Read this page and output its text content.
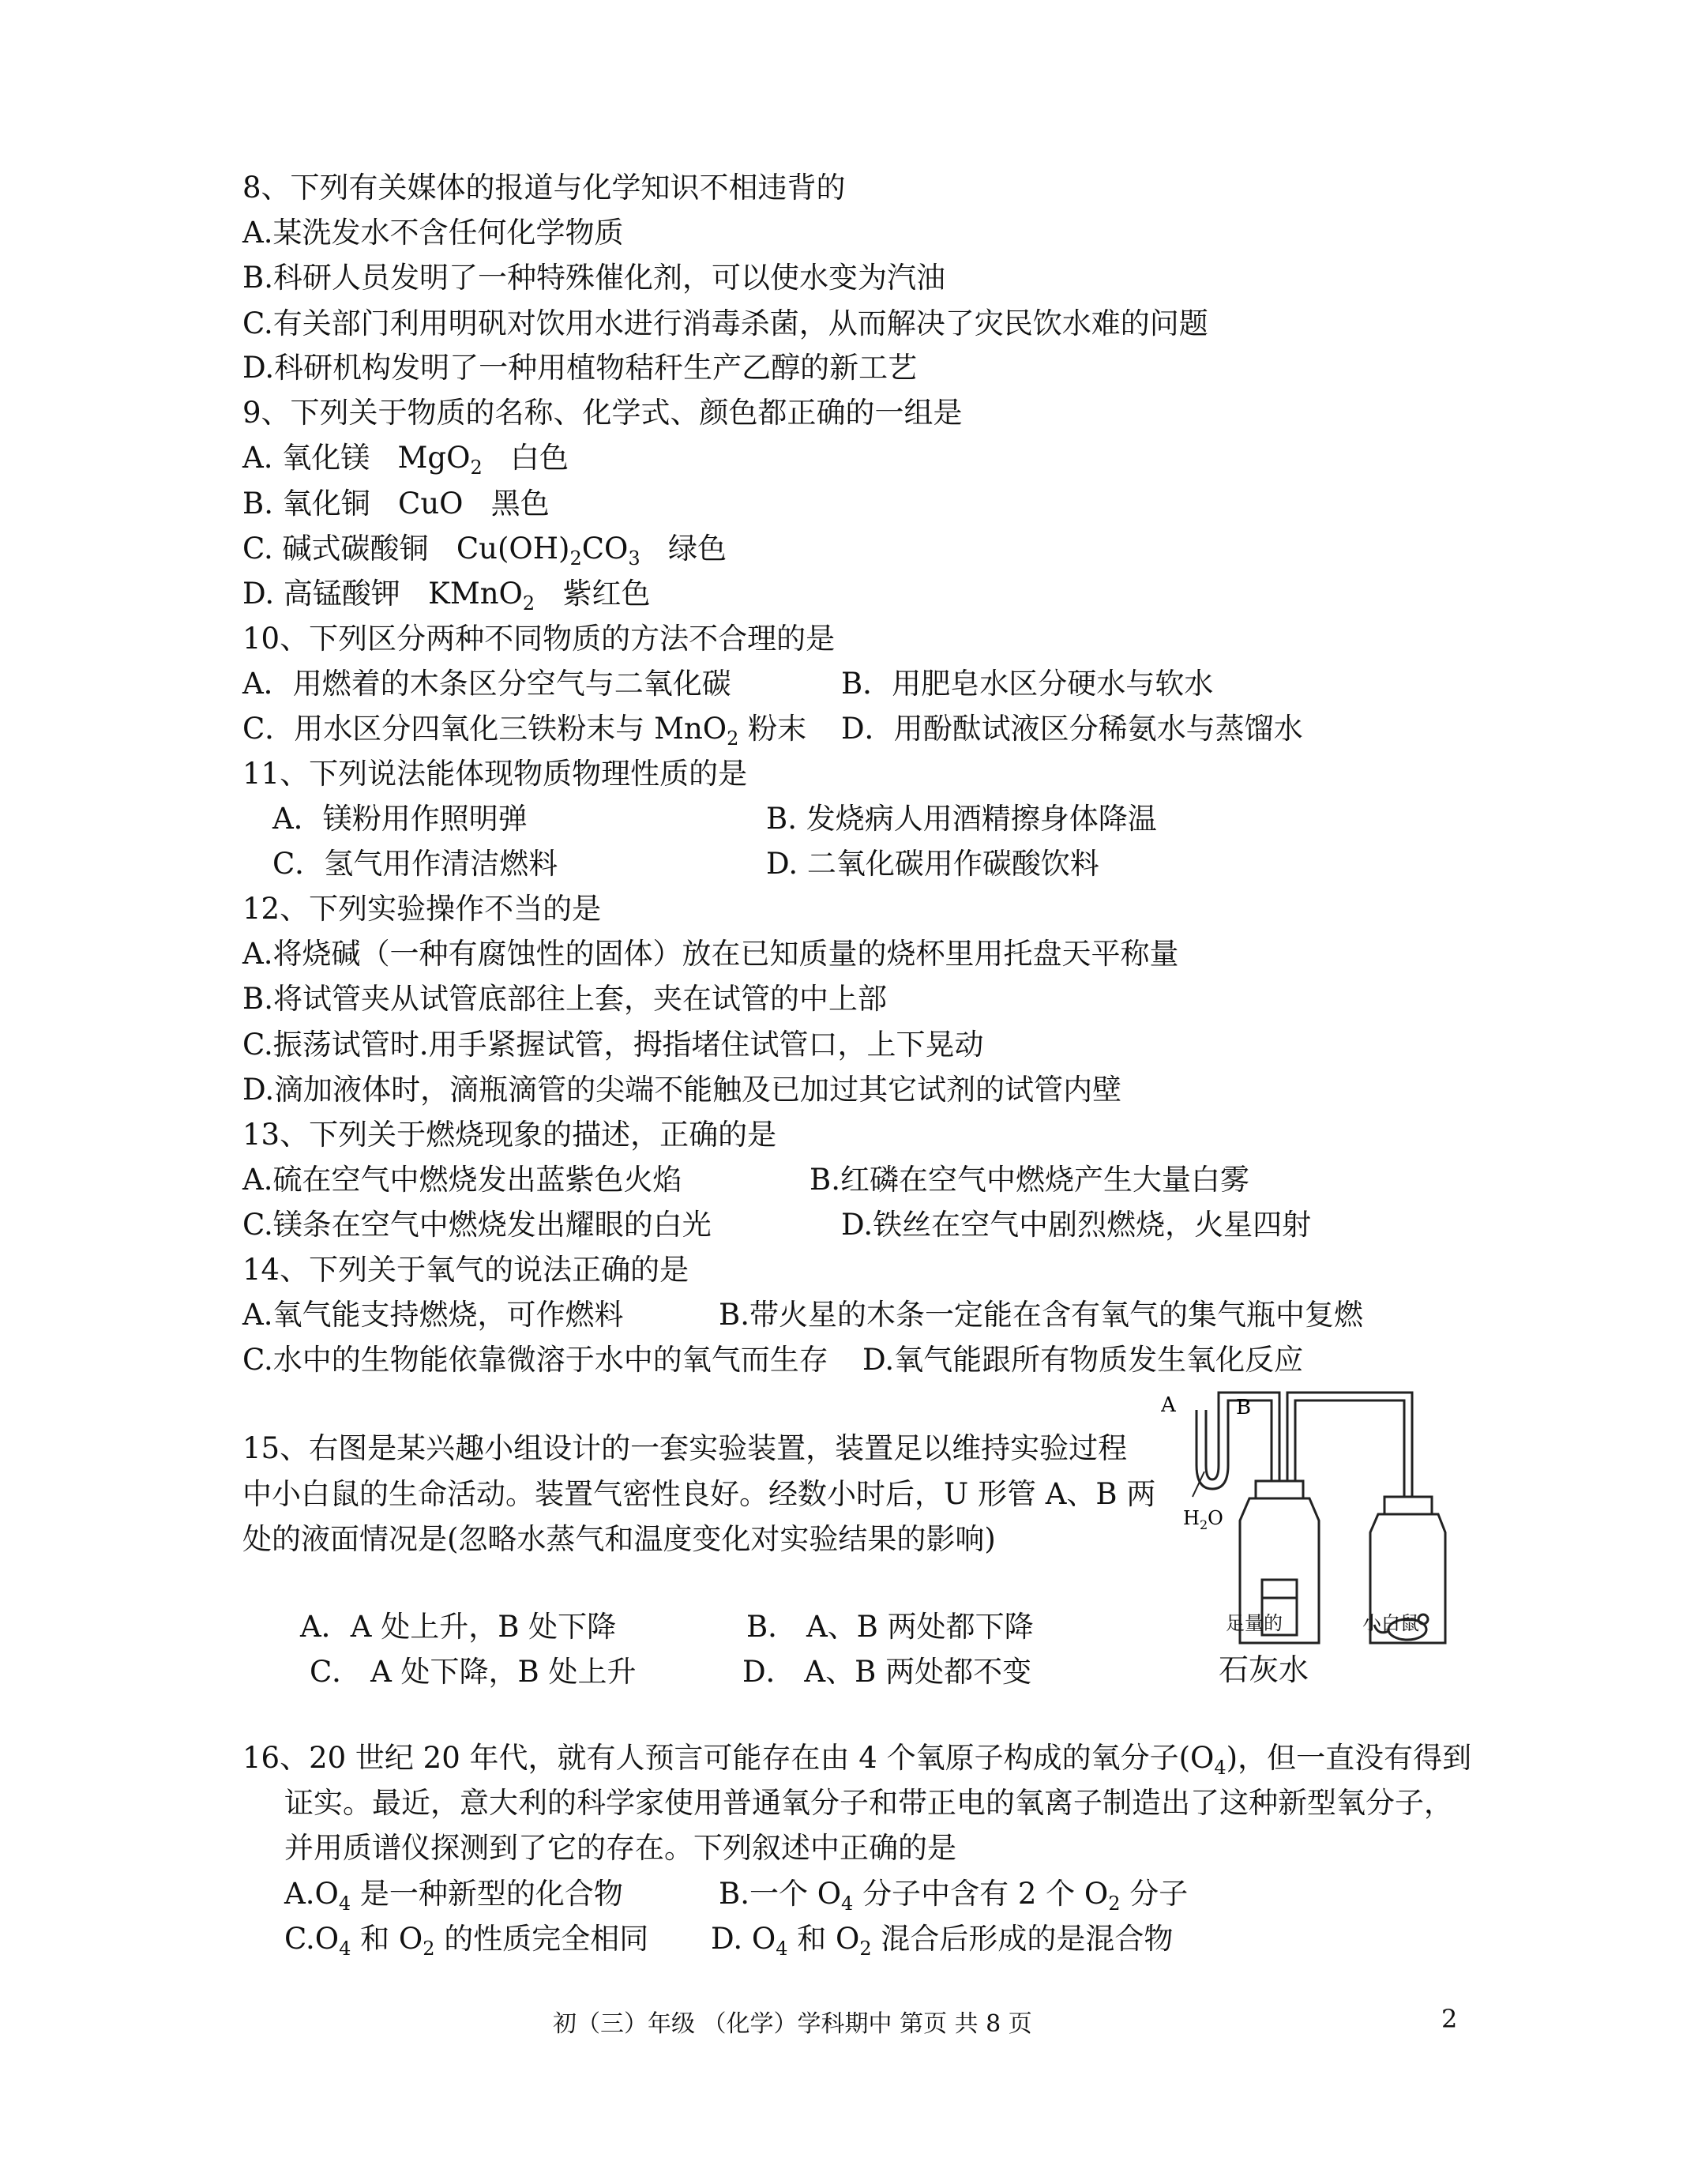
8、下列有关媒体的报道与化学知识不相违背的
A.某洗发水不含任何化学物质
B.科研人员发明了一种特殊催化剂，可以使水变为汽油
C.有关部门利用明矾对饮用水进行消毒杀菌，从而解决了灾民饮水难的问题
D.科研机构发明了一种用植物秸秆生产乙醇的新工艺
9、下列关于物质的名称、化学式、颜色都正确的一组是
A. 氧化镁 MgO$_2$ 白色
B. 氧化铜 CuO 黑色
C. 碱式碳酸铜 $Cu(OH)_2CO_3$ 绿色
D. 高锰酸钾 KMnO$_2$ 紫红色
10、下列区分两种不同物质的方法不合理的是
A．用燃着的木条区分空气与二氧化碳	B．用肥皂水区分硬水与软水
C．用水区分四氧化三铁粉末与 MnO$_2$ 粉末 D．用酚酞试液区分稀氨水与蒸馏水
11、下列说法能体现物质物理性质的是
A．镁粉用作照明弹	B. 发烧病人用酒精擦身体降温
C．氢气用作清洁燃料	D. 二氧化碳用作碳酸饮料
12、下列实验操作不当的是
A.将烧碱（一种有腐蚀性的固体）放在已知质量的烧杯里用托盘天平称量
B.将试管夹从试管底部往上套，夹在试管的中上部
C.振荡试管时.用手紧握试管，拇指堵住试管口，上下晃动
D.滴加液体时，滴瓶滴管的尖端不能触及已加过其它试剂的试管内壁
13、下列关于燃烧现象的描述，正确的是
A.硫在空气中燃烧发出蓝紫色火焰	B.红磷在空气中燃烧产生大量白雾
C.镁条在空气中燃烧发出耀眼的白光	D.铁丝在空气中剧烈燃烧，火星四射
14、下列关于氧气的说法正确的是
A.氧气能支持燃烧，可作燃料	B.带火星的木条一定能在含有氧气的集气瓶中复燃
C.水中的生物能依靠微溶于水中的氧气而生存 D.氧气能跟所有物质发生氧化反应
15、右图是某兴趣小组设计的一套实验装置，装置足以维持实验过程
中小白鼠的生命活动。装置气密性良好。经数小时后，U 形管 A、B 两
处的液面情况是(忽略水蒸气和温度变化对实验结果的影响)
A．A 处上升，B 处下降	B． A、B 两处都下降
C． A 处下降，B 处上升	D． A、B 两处都不变
A	B
$H_2O$
足量的	小白鼠
石灰水
16、20 世纪 20 年代，就有人预言可能存在由 4 个氧原子构成的氧分子$(O_4)$，但一直没有得到
证实。最近，意大利的科学家使用普通氧分子和带正电的氧离子制造出了这种新型氧分子，
并用质谱仪探测到了它的存在。下列叙述中正确的是
$A.O_4$ 是一种新型的化合物	B.一个 $O_4$ 分子中含有 2 个 $O_2$ 分子
$C.O_4$ 和 $O_2$ 的性质完全相同 D. $O_4$ 和 $O_2$ 混合后形成的是混合物
初（三）年级 （化学）学科期中 第页 共 8 页	2
